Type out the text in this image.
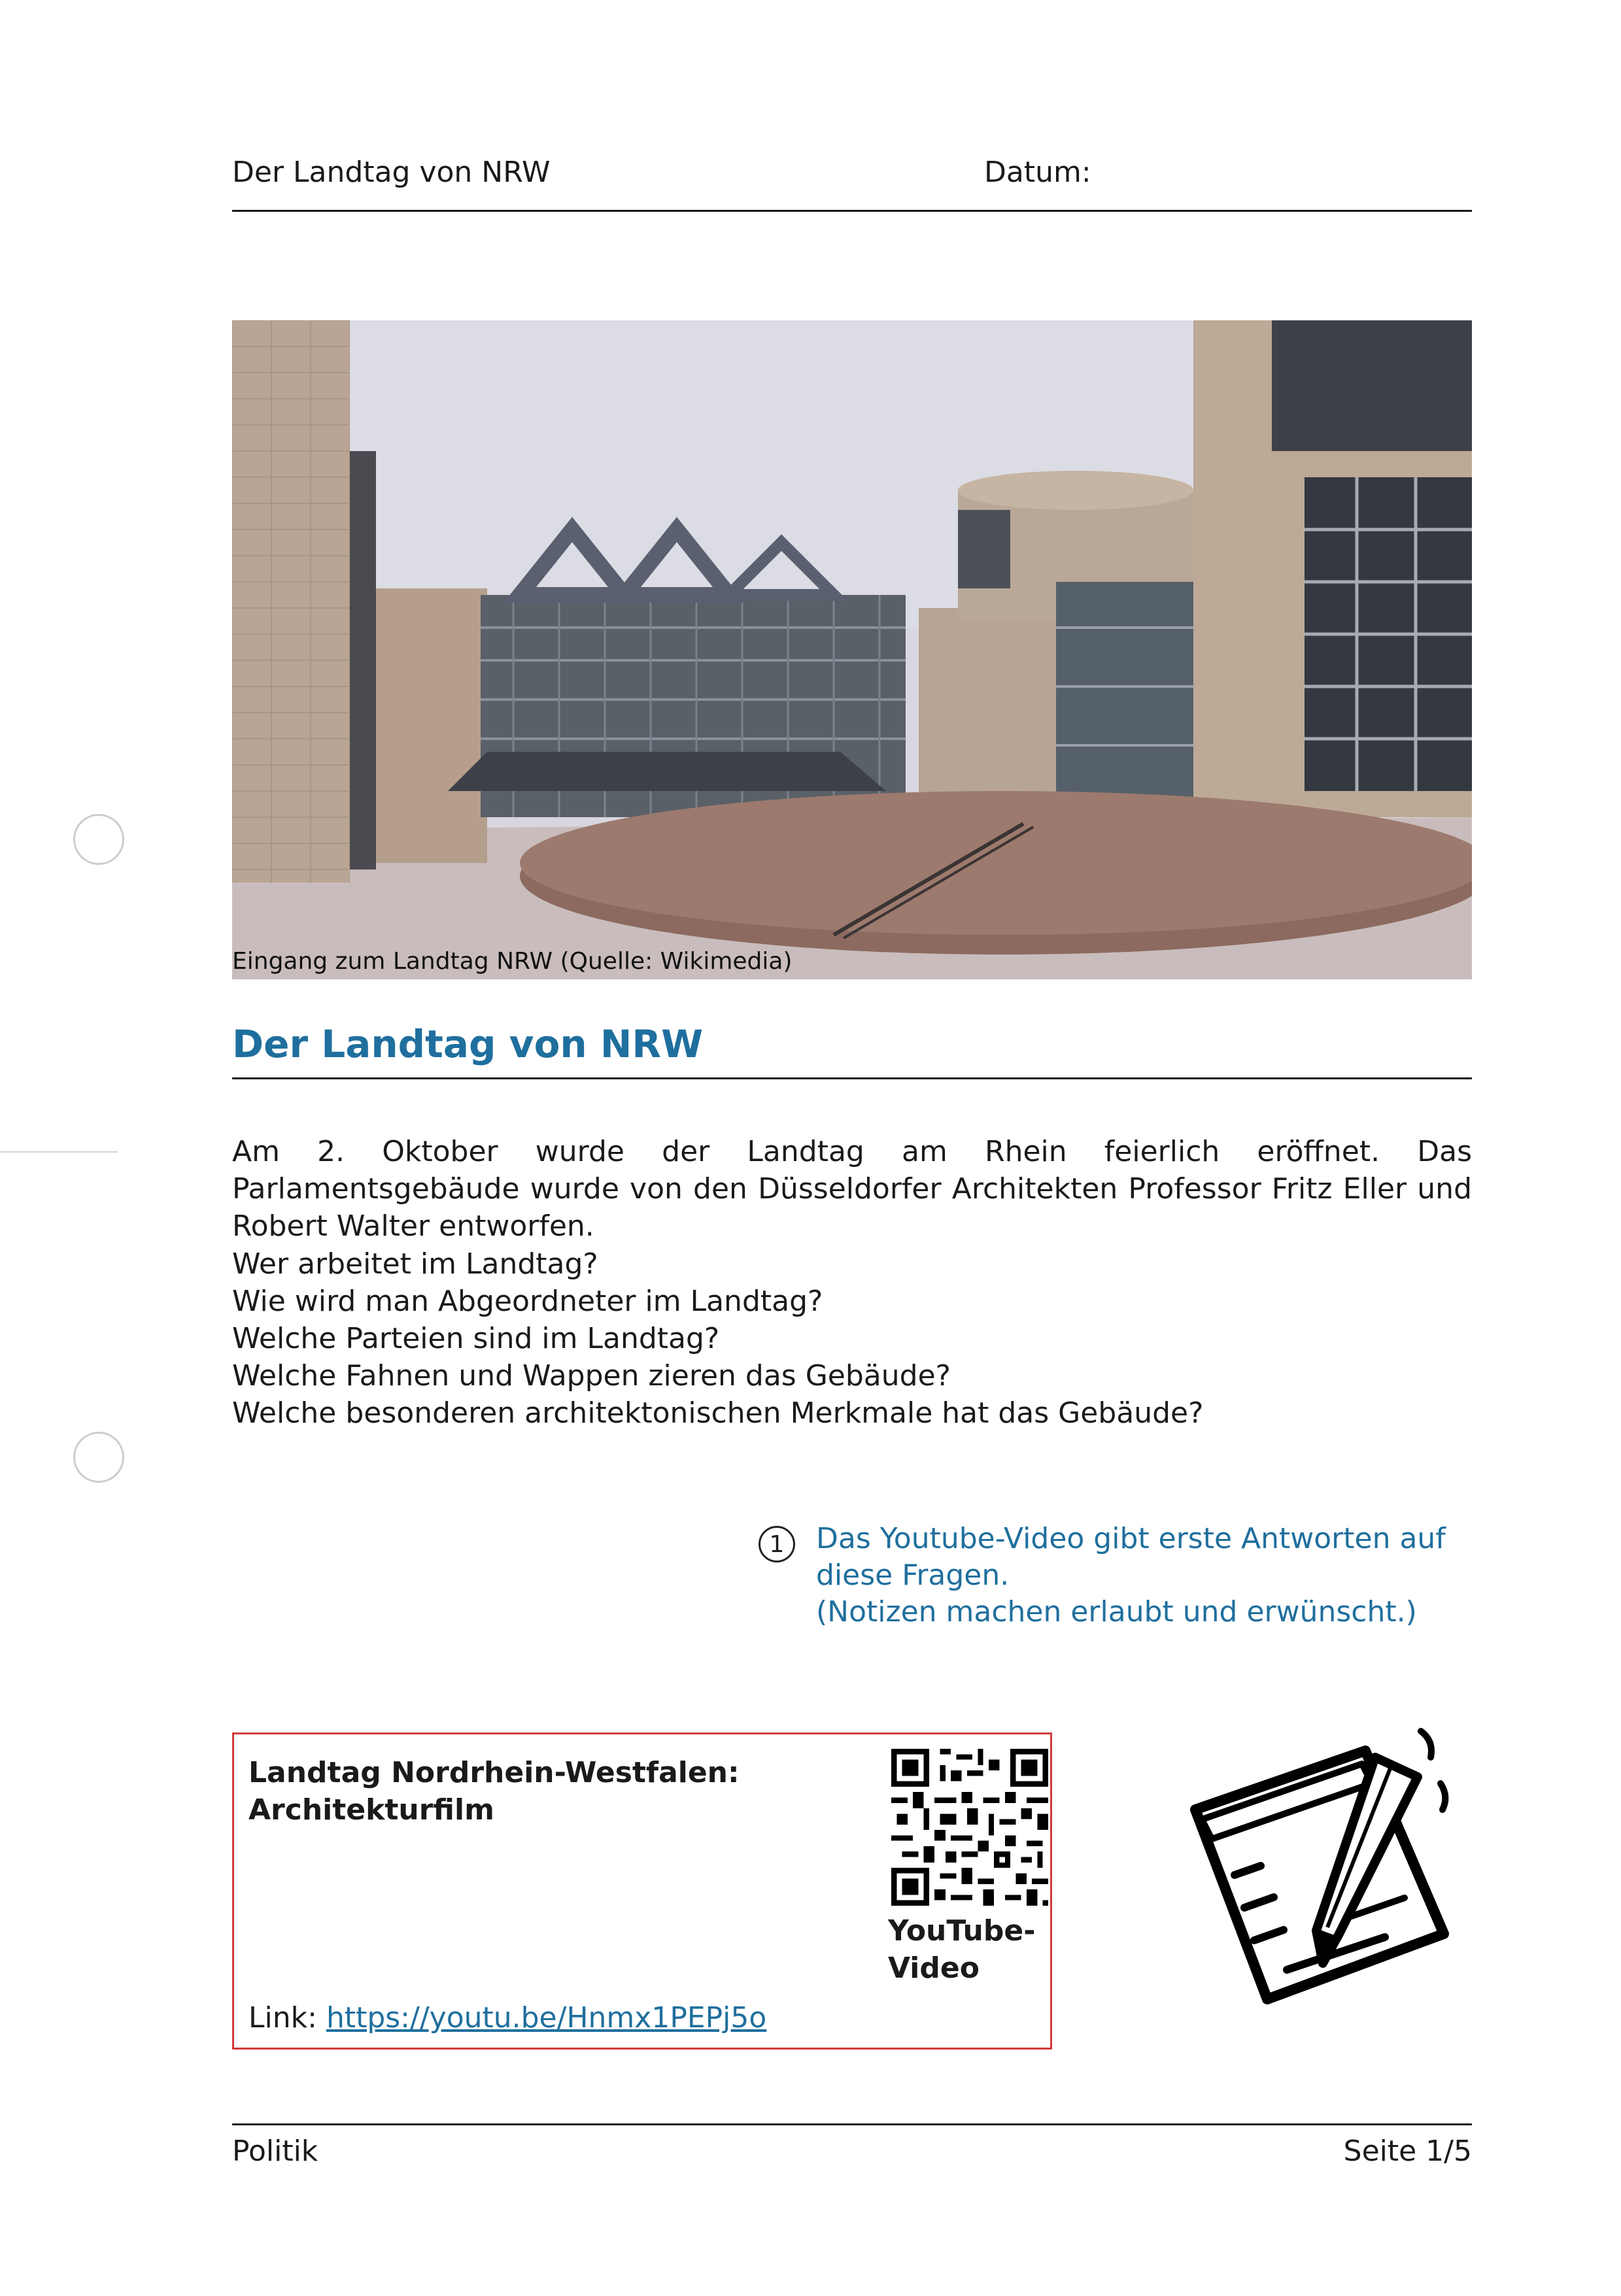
Der Landtag von NRW	Datum:
Eingang zum Landtag NRW (Quelle: Wikimedia)
Der Landtag von NRW
Am 2. Oktober wurde der Landtag am Rhein feierlich eröffnet. Das Parlamentsgebäude wurde von den Düsseldorfer Architekten Professor Fritz Eller und Robert Walter entworfen.
Wer arbeitet im Landtag?
Wie wird man Abgeordneter im Landtag?
Welche Parteien sind im Landtag?
Welche Fahnen und Wappen zieren das Gebäude?
Welche besonderen architektonischen Merkmale hat das Gebäude?
1	Das Youtube-Video gibt erste Antworten auf
diese Fragen.
(Notizen machen erlaubt und erwünscht.)
Landtag Nordrhein-Westfalen:
Architekturfilm
YouTube-
Video
Link: https://youtu.be/Hnmx1PEPj5o
Politik	Seite 1/5
